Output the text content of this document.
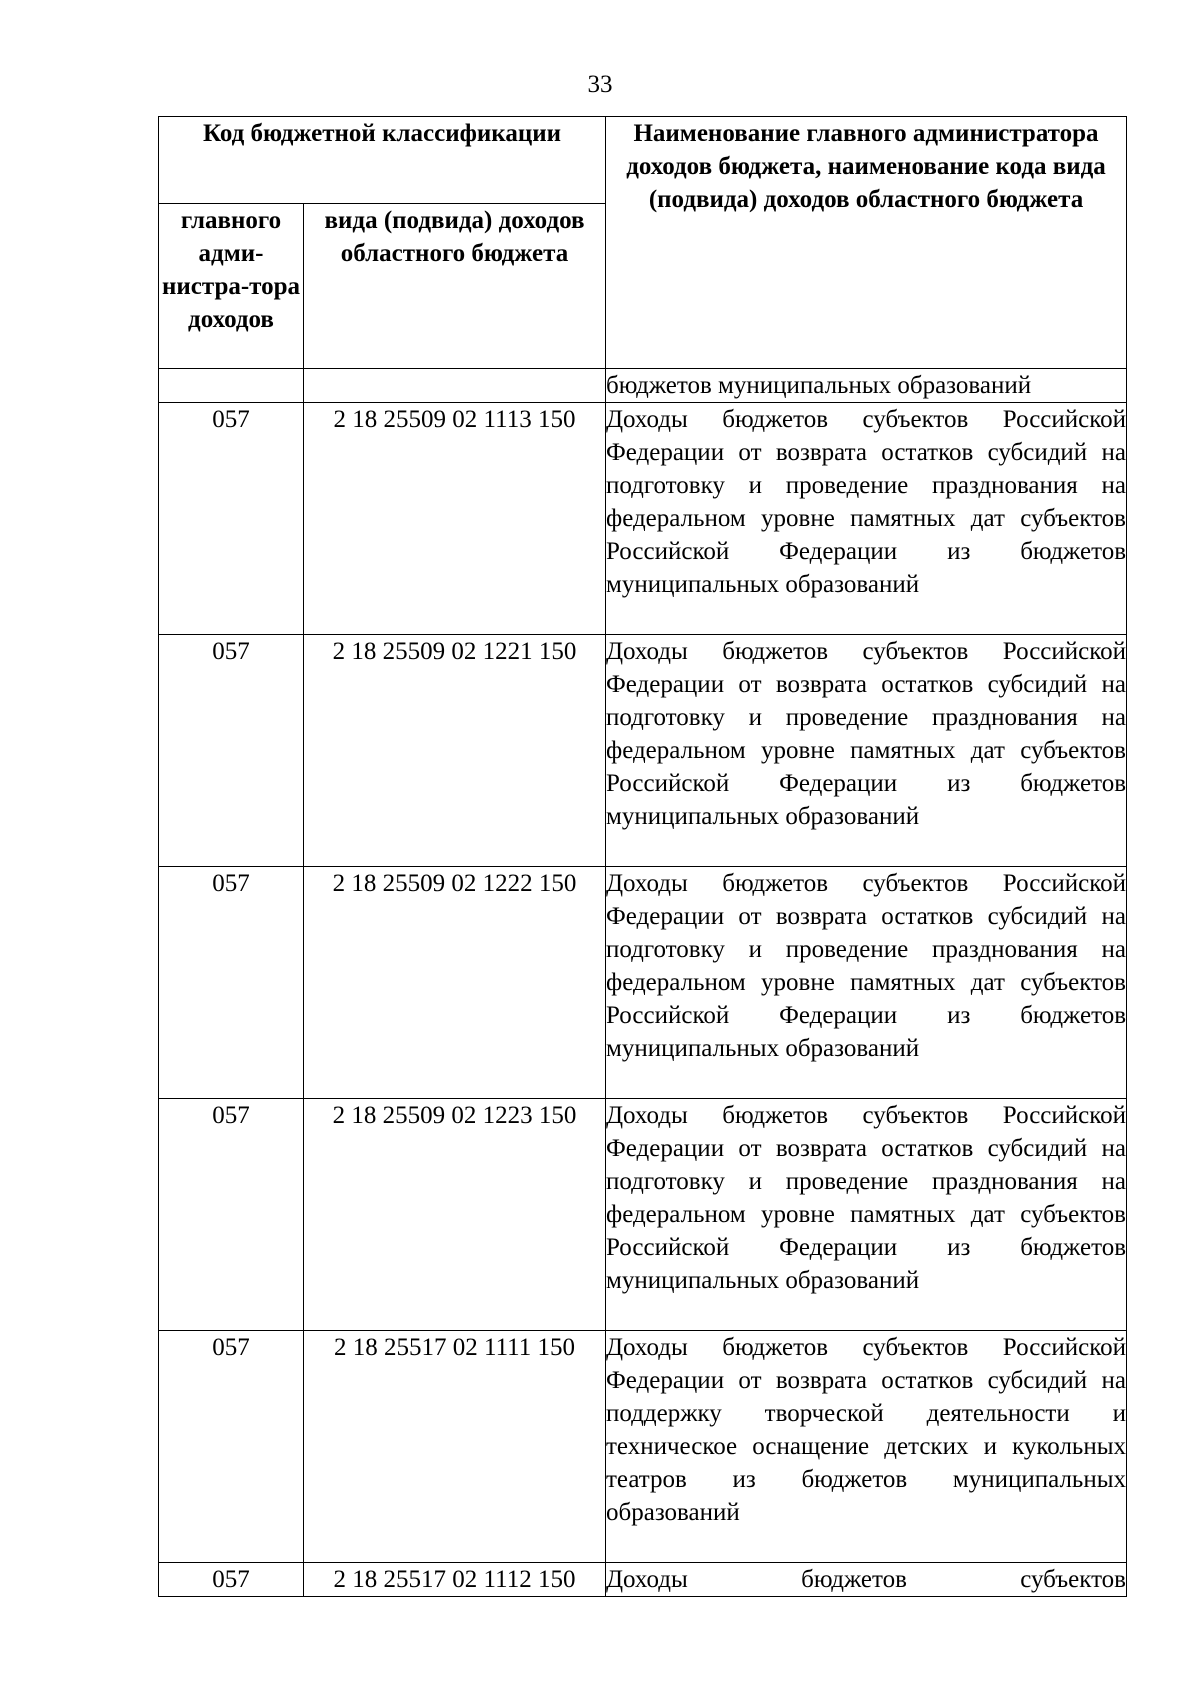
33
Код бюджетной классификации		Наименование главного администратора доходов бюджета, наименование кода вида (подвида) доходов областного бюджета
главного адми-нистра-тора доходов	вида (подвида) доходов областного бюджета	
		бюджетов муниципальных образований
057	2 18 25509 02 1113 150	Доходы бюджетов субъектов Российской Федерации от возврата остатков субсидий на подготовку и проведение празднования на федеральном уровне памятных дат субъектов Российской Федерации из бюджетов муниципальных образований
057	2 18 25509 02 1221 150	Доходы бюджетов субъектов Российской Федерации от возврата остатков субсидий на подготовку и проведение празднования на федеральном уровне памятных дат субъектов Российской Федерации из бюджетов муниципальных образований
057	2 18 25509 02 1222 150	Доходы бюджетов субъектов Российской Федерации от возврата остатков субсидий на подготовку и проведение празднования на федеральном уровне памятных дат субъектов Российской Федерации из бюджетов муниципальных образований
057	2 18 25509 02 1223 150	Доходы бюджетов субъектов Российской Федерации от возврата остатков субсидий на подготовку и проведение празднования на федеральном уровне памятных дат субъектов Российской Федерации из бюджетов муниципальных образований
057	2 18 25517 02 1111 150	Доходы бюджетов субъектов Российской Федерации от возврата остатков субсидий на поддержку творческой деятельности и техническое оснащение детских и кукольных театров из бюджетов муниципальных образований
057	2 18 25517 02 1112 150	Доходы бюджетов субъектов
